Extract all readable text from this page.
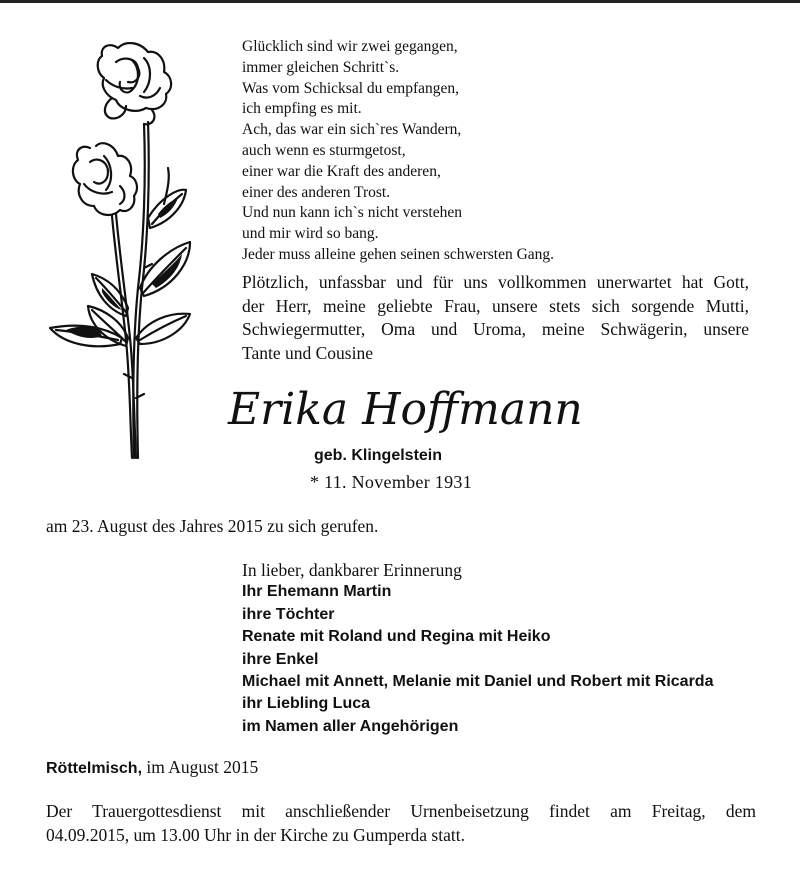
Glücklich sind wir zwei gegangen,
immer gleichen Schritt`s.
Was vom Schicksal du empfangen,
ich empfing es mit.
Ach, das war ein sich`res Wandern,
auch wenn es sturmgetost,
einer war die Kraft des anderen,
einer des anderen Trost.
Und nun kann ich`s nicht verstehen
und mir wird so bang.
Jeder muss alleine gehen seinen schwersten Gang.
Plötzlich, unfassbar und für uns vollkommen unerwartet hat Gott,
der Herr, meine geliebte Frau, unsere stets sich sorgende Mutti,
Schwiegermutter, Oma und Uroma, meine Schwägerin, unsere
Tante und Cousine
Erika Hoffmann
geb. Klingelstein
* 11. November 1931
am 23. August des Jahres 2015 zu sich gerufen.
In lieber, dankbarer Erinnerung
Ihr Ehemann Martin
ihre Töchter
Renate mit Roland und Regina mit Heiko
ihre Enkel
Michael mit Annett, Melanie mit Daniel und Robert mit Ricarda
ihr Liebling Luca
im Namen aller Angehörigen
Röttelmisch, im August 2015
Der Trauergottesdienst mit anschließender Urnenbeisetzung findet am Freitag, dem
04.09.2015, um 13.00 Uhr in der Kirche zu Gumperda statt.
